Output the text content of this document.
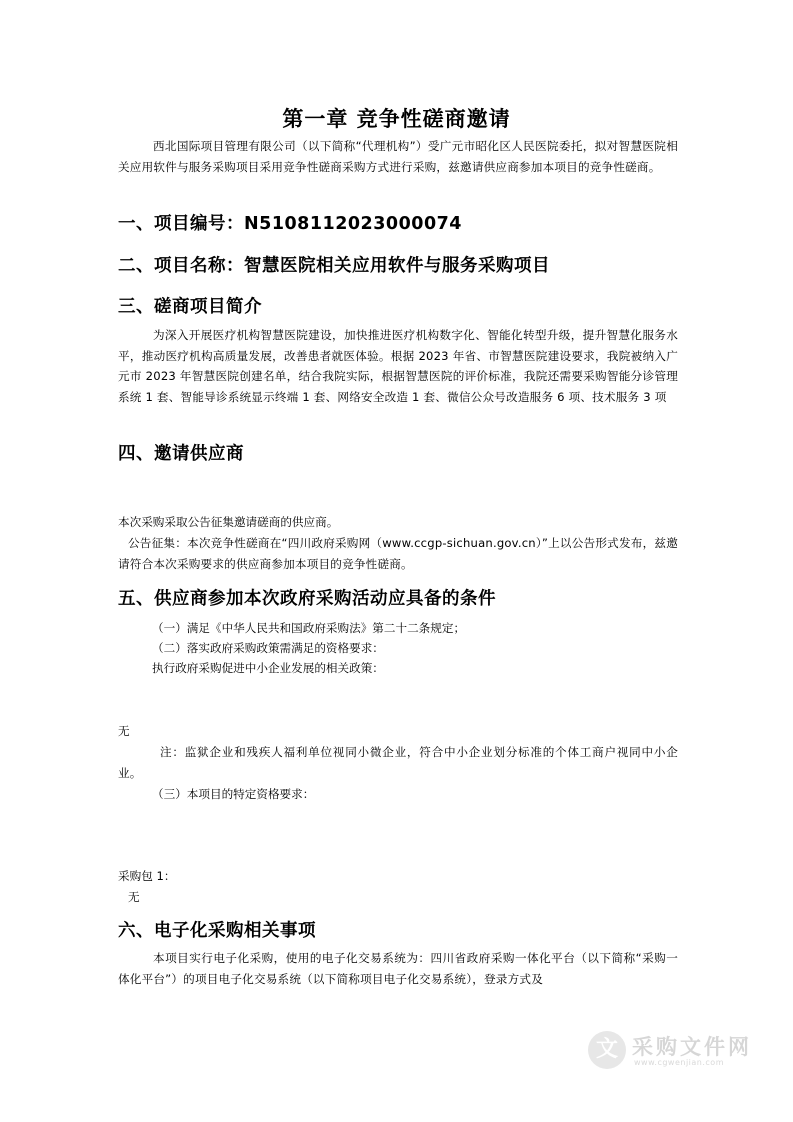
第一章 竞争性磋商邀请
西北国际项目管理有限公司（以下简称“代理机构”）受广元市昭化区人民医院委托，拟对智慧医院相关应用软件与服务采购项目采用竞争性磋商采购方式进行采购，兹邀请供应商参加本项目的竞争性磋商。
一、项目编号：N5108112023000074
二、项目名称：智慧医院相关应用软件与服务采购项目
三、磋商项目简介
为深入开展医疗机构智慧医院建设，加快推进医疗机构数字化、智能化转型升级，提升智慧化服务水平，推动医疗机构高质量发展，改善患者就医体验。根据 2023 年省、市智慧医院建设要求，我院被纳入广元市 2023 年智慧医院创建名单，结合我院实际，根据智慧医院的评价标准，我院还需要采购智能分诊管理系统 1 套、智能导诊系统显示终端 1 套、网络安全改造 1 套、微信公众号改造服务 6 项、技术服务 3 项
四、邀请供应商
本次采购采取公告征集邀请磋商的供应商。
公告征集：本次竞争性磋商在“四川政府采购网（www.ccgp-sichuan.gov.cn）”上以公告形式发布，兹邀请符合本次采购要求的供应商参加本项目的竞争性磋商。
五、供应商参加本次政府采购活动应具备的条件
（一）满足《中华人民共和国政府采购法》第二十二条规定；
（二）落实政府采购政策需满足的资格要求：
执行政府采购促进中小企业发展的相关政策：
无
注：监狱企业和残疾人福利单位视同小微企业，符合中小企业划分标准的个体工商户视同中小企业。
（三）本项目的特定资格要求：
采购包 1：
无
六、电子化采购相关事项
本项目实行电子化采购，使用的电子化交易系统为：四川省政府采购一体化平台（以下简称“采购一体化平台”）的项目电子化交易系统（以下简称项目电子化交易系统），登录方式及
文 采购文件网
www.cgwenjian.com
